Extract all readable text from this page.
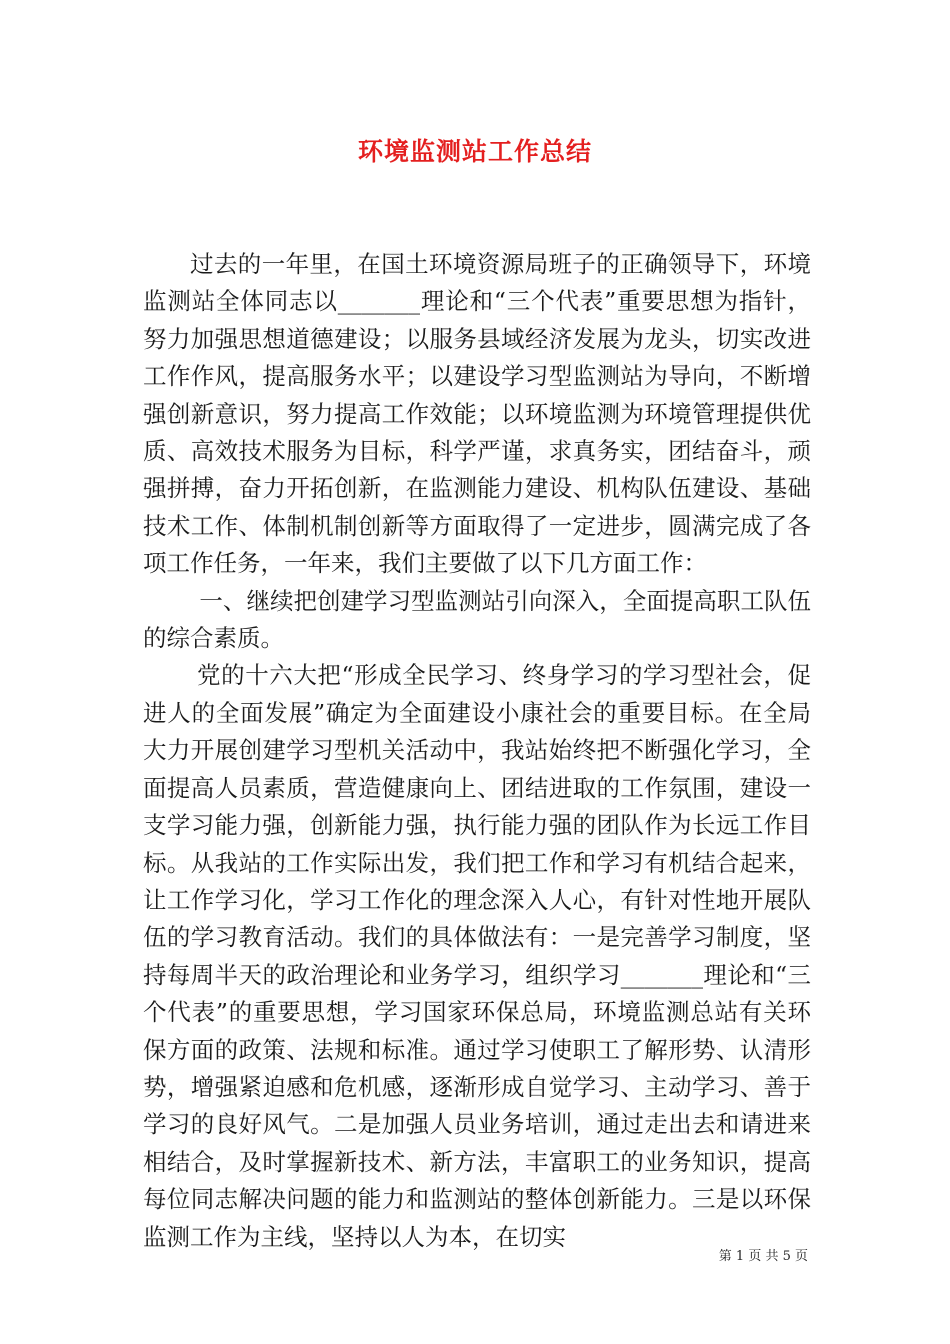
环境监测站工作总结

过去的一年里，在国土环境资源局班子的正确领导下，环境监测站全体同志以_______理论和“三个代表”重要思想为指针，努力加强思想道德建设；以服务县域经济发展为龙头，切实改进工作作风，提高服务水平；以建设学习型监测站为导向，不断增强创新意识，努力提高工作效能；以环境监测为环境管理提供优质、高效技术服务为目标，科学严谨，求真务实，团结奋斗，顽强拼搏，奋力开拓创新，在监测能力建设、机构队伍建设、基础技术工作、体制机制创新等方面取得了一定进步，圆满完成了各项工作任务，一年来，我们主要做了以下几方面工作：

一、继续把创建学习型监测站引向深入，全面提高职工队伍的综合素质。

党的十六大把“形成全民学习、终身学习的学习型社会，促进人的全面发展”确定为全面建设小康社会的重要目标。在全局大力开展创建学习型机关活动中，我站始终把不断强化学习，全面提高人员素质，营造健康向上、团结进取的工作氛围，建设一支学习能力强，创新能力强，执行能力强的团队作为长远工作目标。从我站的工作实际出发，我们把工作和学习有机结合起来，让工作学习化，学习工作化的理念深入人心，有针对性地开展队伍的学习教育活动。我们的具体做法有：一是完善学习制度，坚持每周半天的政治理论和业务学习，组织学习_______理论和“三个代表”的重要思想，学习国家环保总局，环境监测总站有关环保方面的政策、法规和标准。通过学习使职工了解形势、认清形势，增强紧迫感和危机感，逐渐形成自觉学习、主动学习、善于学习的良好风气。二是加强人员业务培训，通过走出去和请进来相结合，及时掌握新技术、新方法，丰富职工的业务知识，提高每位同志解决问题的能力和监测站的整体创新能力。三是以环保监测工作为主线，坚持以人为本，在切实

第 1 页 共 5 页
